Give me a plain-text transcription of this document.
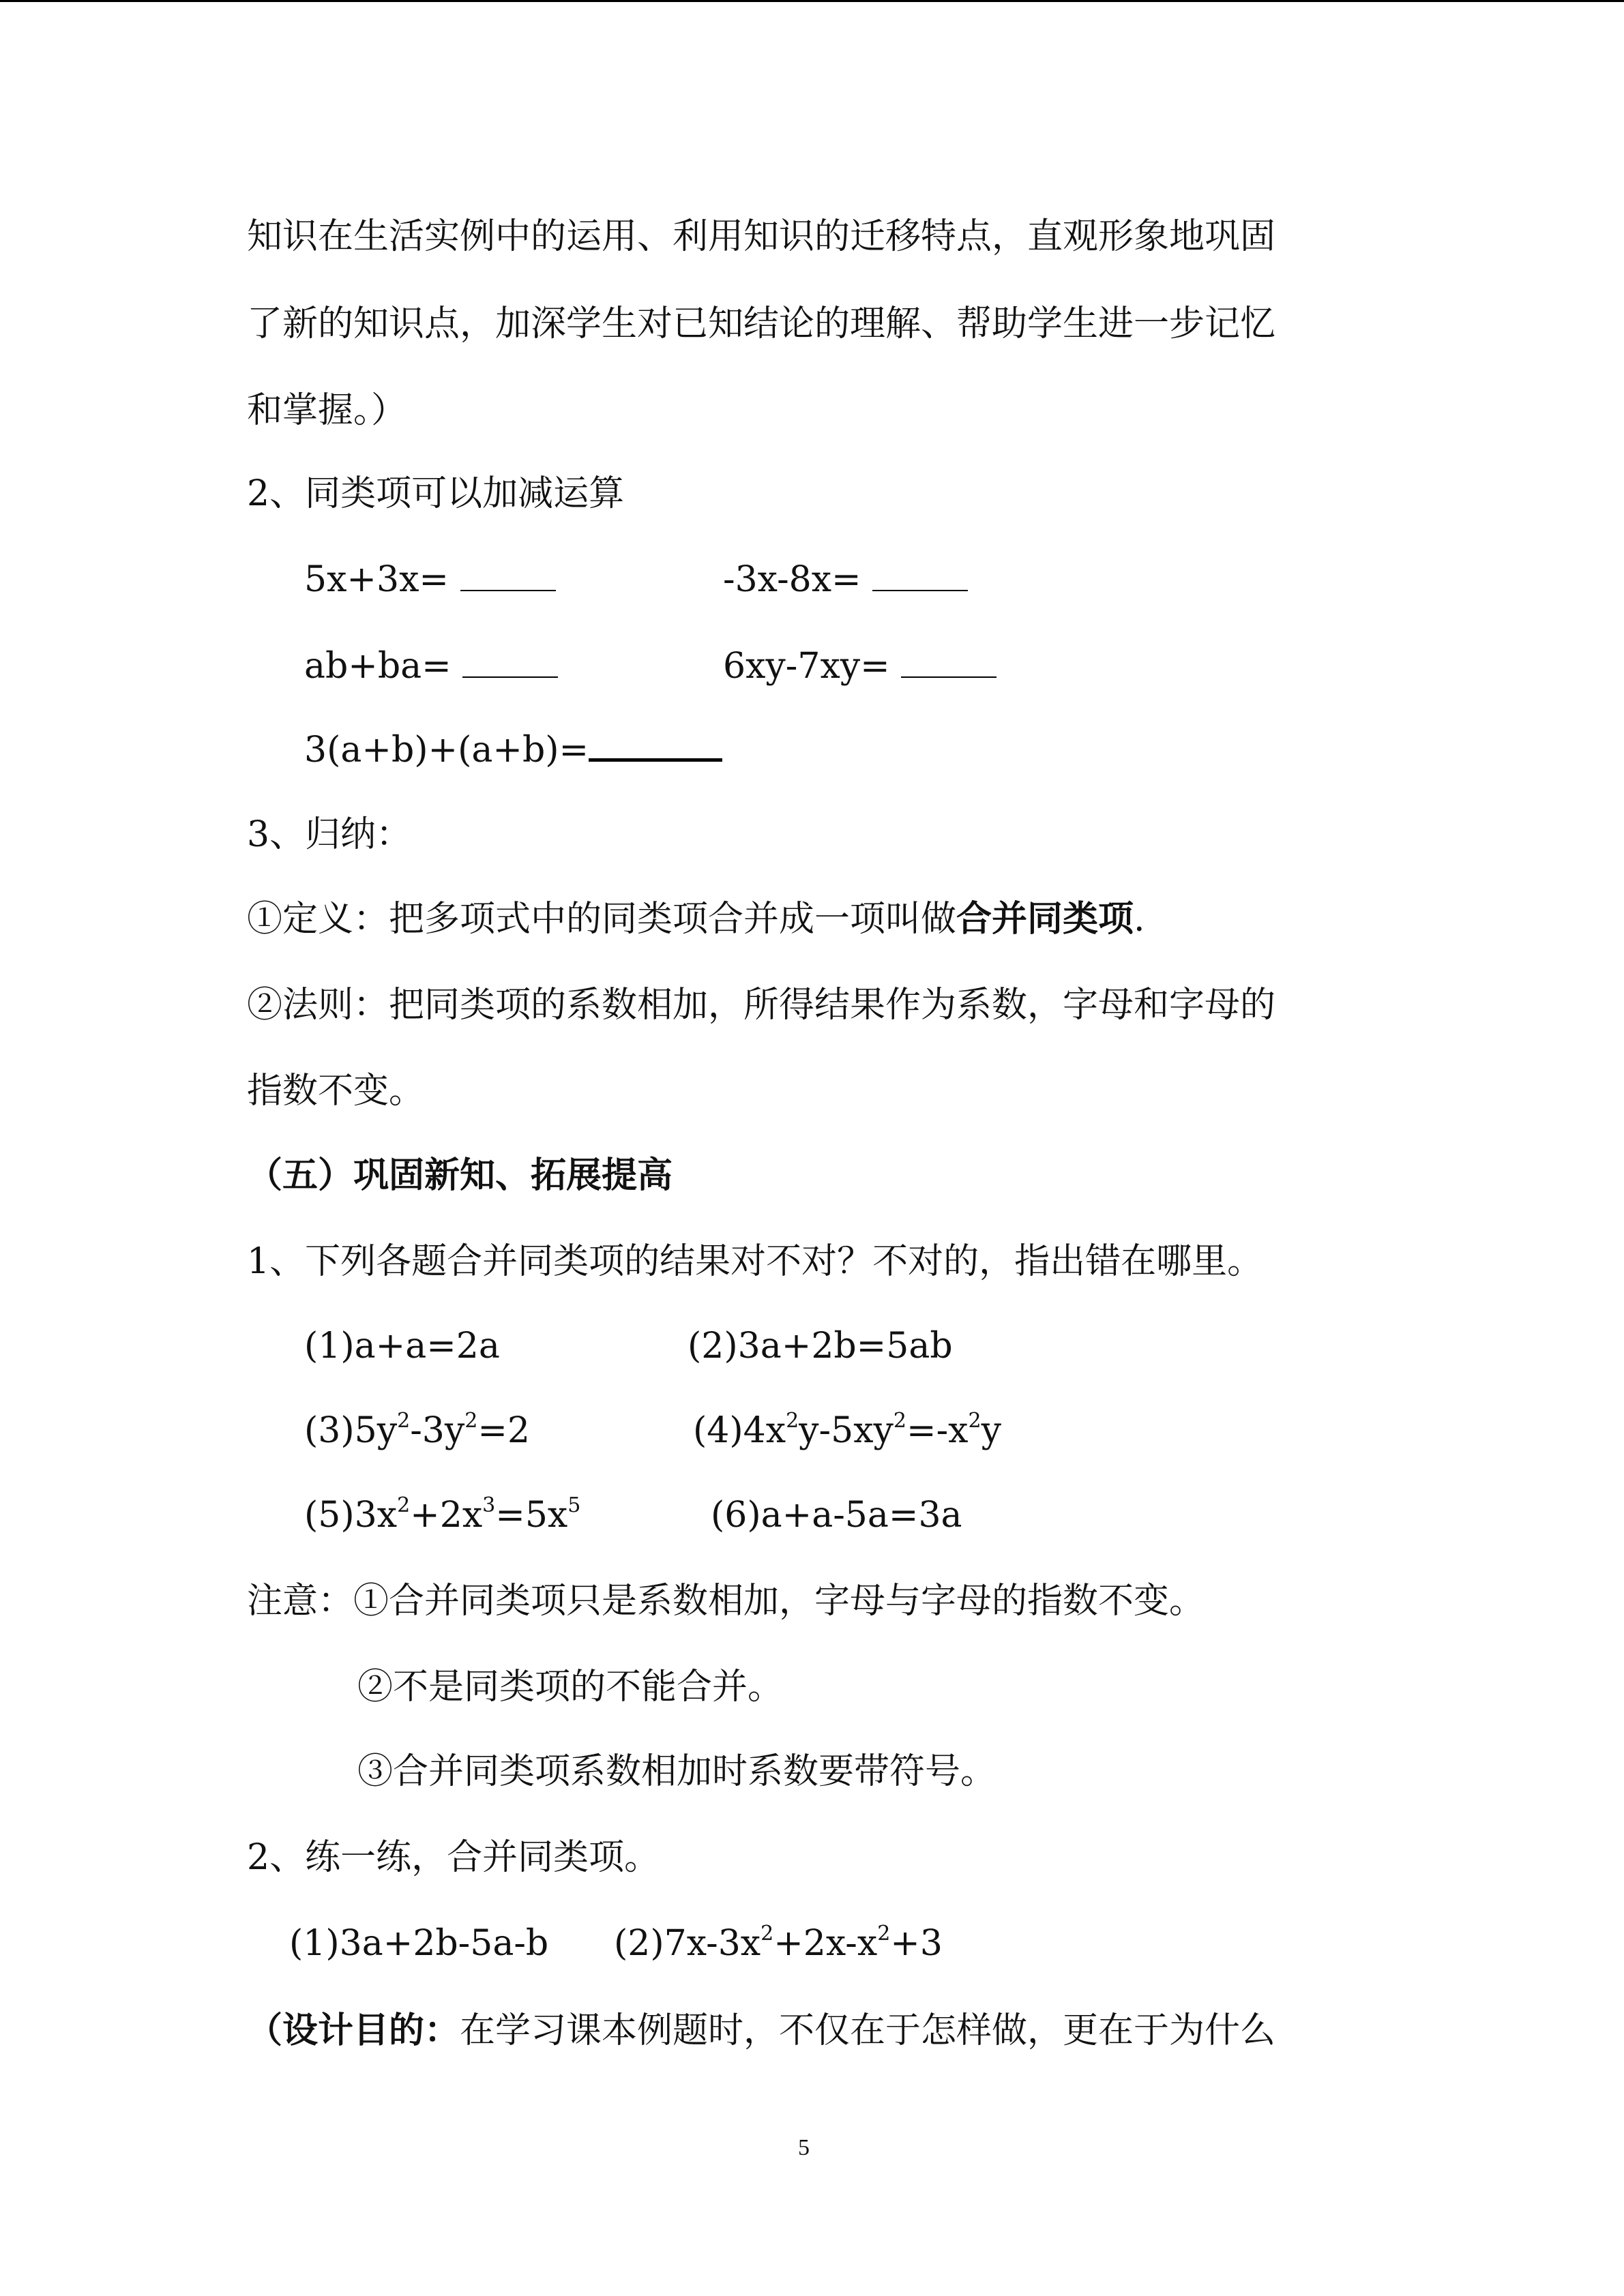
知识在生活实例中的运用、利用知识的迁移特点，直观形象地巩固
了新的知识点，加深学生对已知结论的理解、帮助学生进一步记忆
和掌握。）
2、同类项可以加减运算
5x+3x=	-3x-8x=
ab+ba=	6xy-7xy=
3(a+b)+(a+b)=
3、归纳：
①定义：把多项式中的同类项合并成一项叫做合并同类项.
②法则：把同类项的系数相加，所得结果作为系数，字母和字母的
指数不变。
（五）巩固新知、拓展提高
1、下列各题合并同类项的结果对不对？不对的，指出错在哪里。
(1)a+a=2a	(2)3a+2b=5ab
$(3)5y^2-3y^2=2$	$(4)4x^2y-5xy^2=-x^2y$
$(5)3x^2+2x^3=5x^5$	(6)a+a-5a=3a
注意：①合并同类项只是系数相加，字母与字母的指数不变。
②不是同类项的不能合并。
③合并同类项系数相加时系数要带符号。
2、练一练，合并同类项。
(1)3a+2b-5a-b $(2)7x-3x^2+2x-x^2+3$
（设计目的：在学习课本例题时，不仅在于怎样做，更在于为什么
5
